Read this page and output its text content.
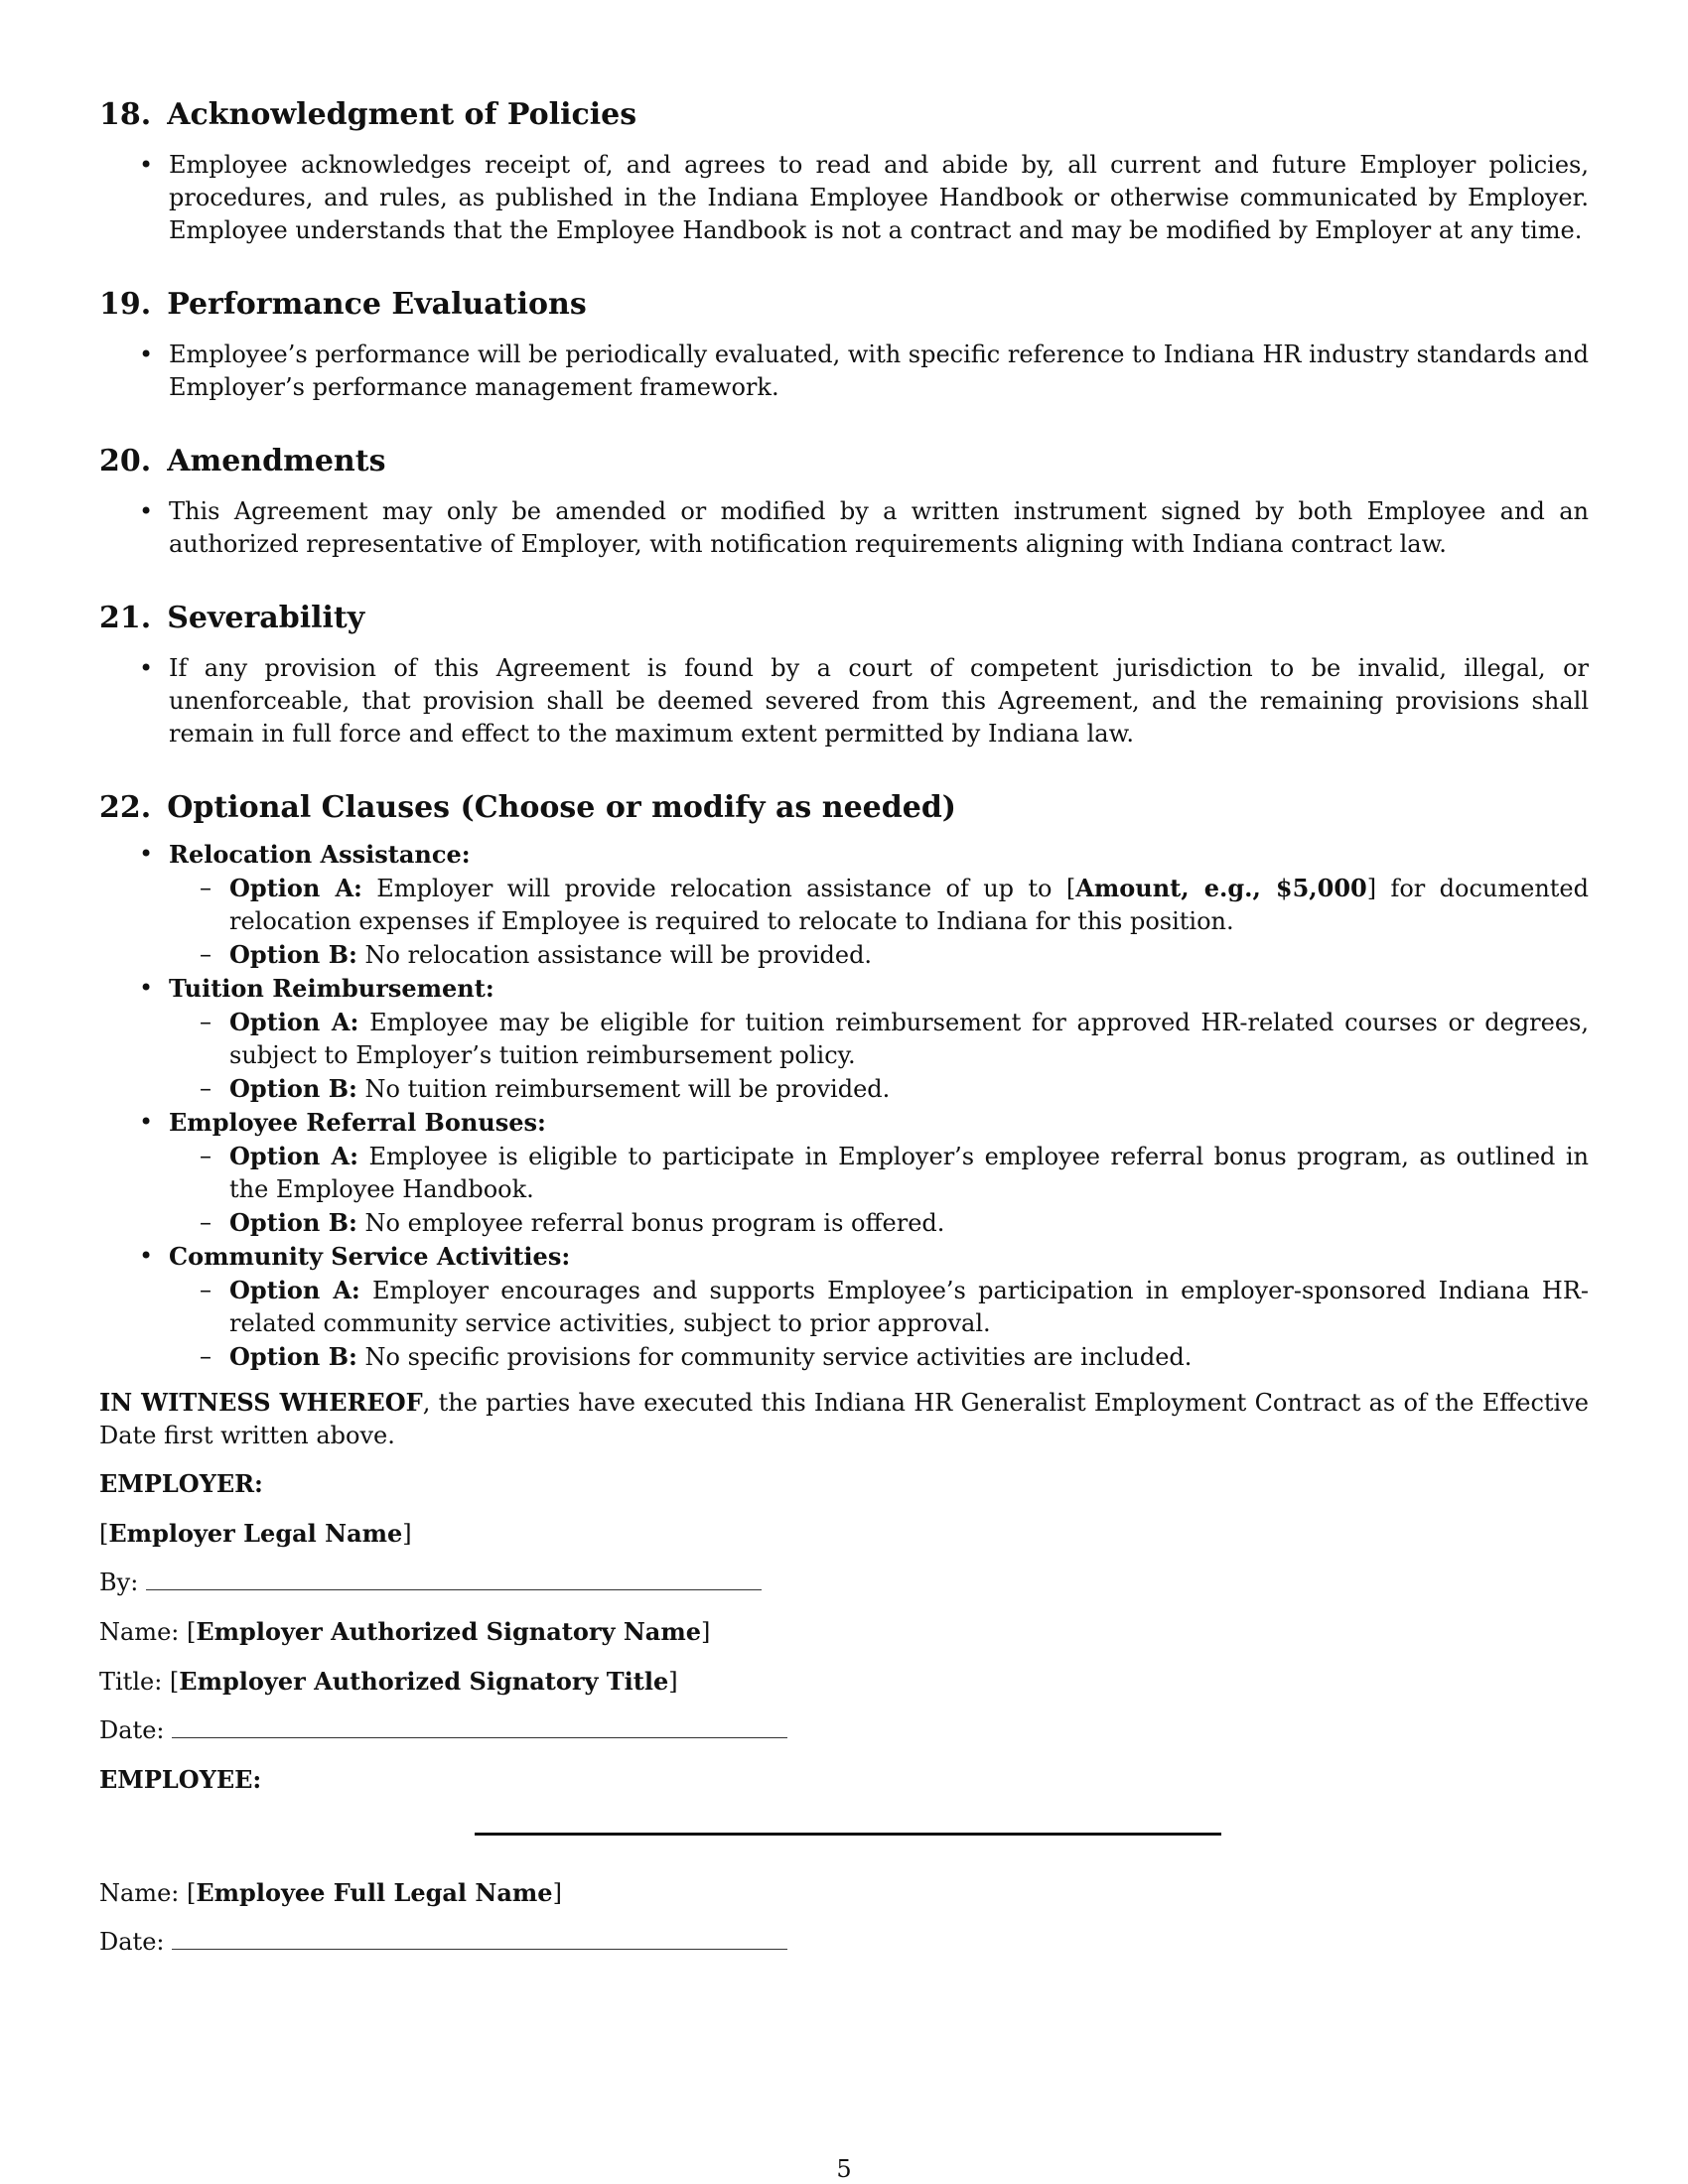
18. Acknowledgment of Policies
• Employee acknowledges receipt of, and agrees to read and abide by, all current and future Employer policies, procedures, and rules, as published in the Indiana Employee Handbook or otherwise communicated by Employer. Employee understands that the Employee Handbook is not a contract and may be modified by Employer at any time.
19. Performance Evaluations
• Employee’s performance will be periodically evaluated, with specific reference to Indiana HR industry standards and Employer’s performance management framework.
20. Amendments
• This Agreement may only be amended or modified by a written instrument signed by both Employee and an authorized representative of Employer, with notification requirements aligning with Indiana contract law.
21. Severability
• If any provision of this Agreement is found by a court of competent jurisdiction to be invalid, illegal, or unenforceable, that provision shall be deemed severed from this Agreement, and the remaining provisions shall remain in full force and effect to the maximum extent permitted by Indiana law.
22. Optional Clauses (Choose or modify as needed)
• Relocation Assistance:
– Option A: Employer will provide relocation assistance of up to [Amount, e.g., $5,000] for documented relocation expenses if Employee is required to relocate to Indiana for this position.
– Option B: No relocation assistance will be provided.
• Tuition Reimbursement:
– Option A: Employee may be eligible for tuition reimbursement for approved HR-related courses or degrees, subject to Employer’s tuition reimbursement policy.
– Option B: No tuition reimbursement will be provided.
• Employee Referral Bonuses:
– Option A: Employee is eligible to participate in Employer’s employee referral bonus program, as outlined in the Employee Handbook.
– Option B: No employee referral bonus program is offered.
• Community Service Activities:
– Option A: Employer encourages and supports Employee’s participation in employer-sponsored Indiana HR-related community service activities, subject to prior approval.
– Option B: No specific provisions for community service activities are included.

IN WITNESS WHEREOF, the parties have executed this Indiana HR Generalist Employment Contract as of the Effective Date first written above.

EMPLOYER:

[Employer Legal Name]

By:

Name: [Employer Authorized Signatory Name]

Title: [Employer Authorized Signatory Title]

Date:

EMPLOYEE:

Name: [Employee Full Legal Name]

Date:

5
